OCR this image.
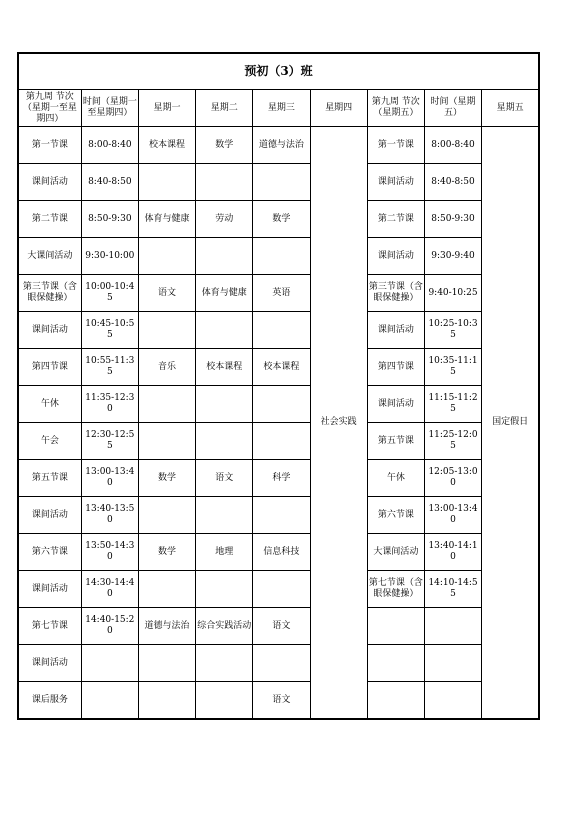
预初（3）班								
第九周 节次（星期一至星期四）	时间（星期一至星期四）	星期一	星期二	星期三	星期四	第九周 节次（星期五）	时间（星期五）	星期五
第一节课	8:00-8:40	校本课程	数学	道德与法治	社会实践	第一节课	8:00-8:40	国定假日
课间活动	8:40-8:50					课间活动	8:40-8:50	
第二节课	8:50-9:30	体育与健康	劳动	数学		第二节课	8:50-9:30	
大课间活动	9:30-10:00					课间活动	9:30-9:40	
第三节课（含眼保健操）	10:00-10:45	语文	体育与健康	英语		第三节课（含眼保健操）	9:40-10:25	
课间活动	10:45-10:55					课间活动	10:25-10:35	
第四节课	10:55-11:35	音乐	校本课程	校本课程		第四节课	10:35-11:15	
午休	11:35-12:30					课间活动	11:15-11:25	
午会	12:30-12:55					第五节课	11:25-12:05	
第五节课	13:00-13:40	数学	语文	科学		午休	12:05-13:00	
课间活动	13:40-13:50					第六节课	13:00-13:40	
第六节课	13:50-14:30	数学	地理	信息科技		大课间活动	13:40-14:10	
课间活动	14:30-14:40					第七节课（含眼保健操）	14:10-14:55	
第七节课	14:40-15:20	道德与法治	综合实践活动	语文				
课间活动								
课后服务				语文				
